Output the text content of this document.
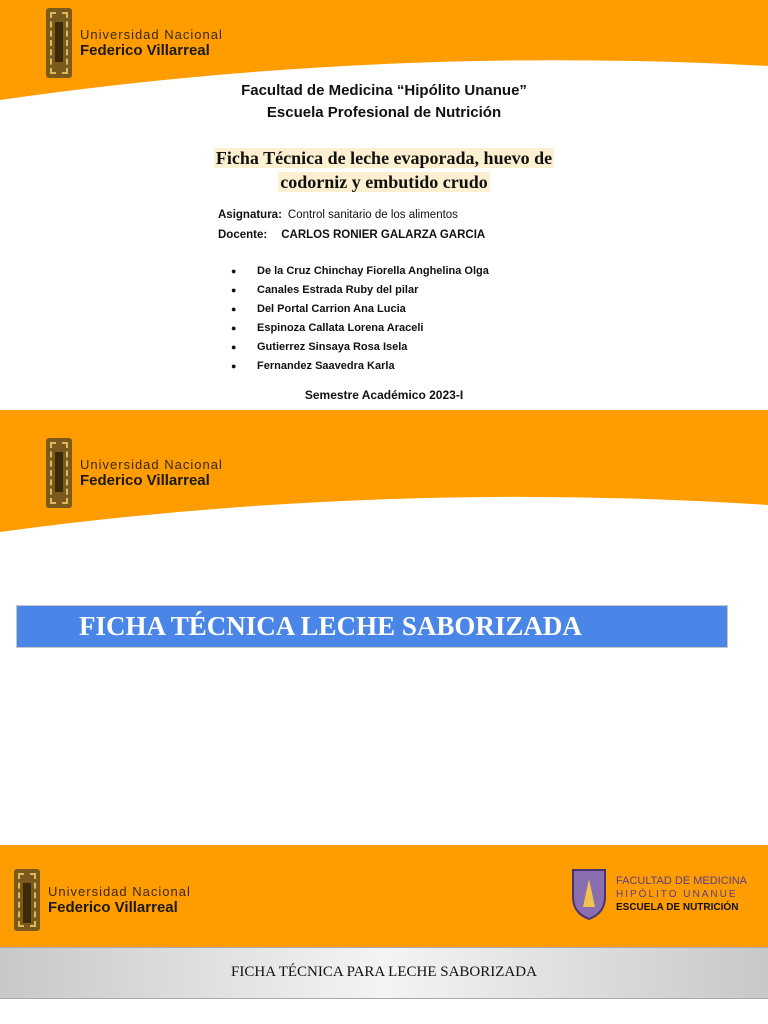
Universidad Nacional
Federico Villarreal
Facultad de Medicina “Hipólito Unanue”
Escuela Profesional de Nutrición
Ficha Técnica de leche evaporada, huevo de
codorniz y embutido crudo
Asignatura: Control sanitario de los alimentos
Docente: CARLOS RONIER GALARZA GARCIA
● De la Cruz Chinchay Fiorella Anghelina Olga
● Canales Estrada Ruby del pilar
● Del Portal Carrion Ana Lucia
● Espinoza Callata Lorena Araceli
● Gutierrez Sinsaya Rosa Isela
● Fernandez Saavedra Karla
Semestre Académico 2023-I
Universidad Nacional
Federico Villarreal
FICHA TÉCNICA LECHE SABORIZADA
Universidad Nacional
Federico Villarreal
FACULTAD DE MEDICINA
HIPÓLITO UNANUE
ESCUELA DE NUTRICIÓN
FICHA TÉCNICA PARA LECHE SABORIZADA
